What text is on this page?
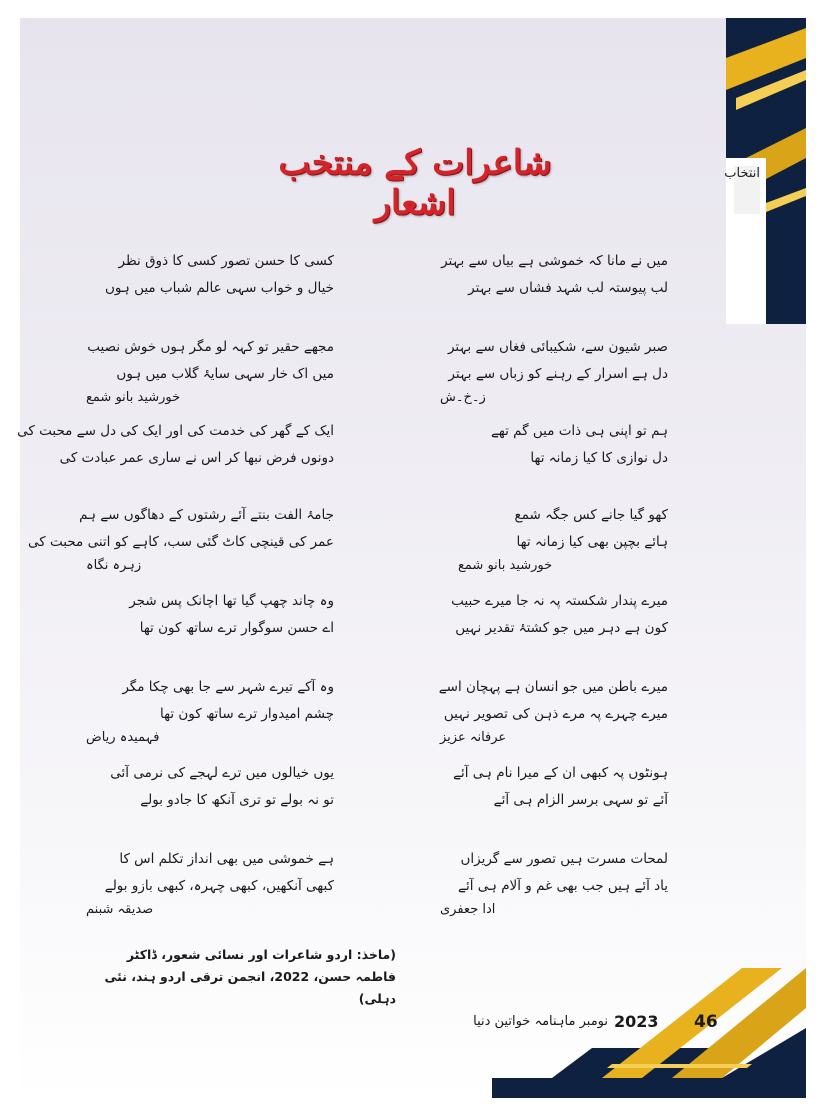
انتخاب
شاعرات کے منتخب اشعار
میں نے مانا کہ خموشی ہے بیاں سے بہتر
لب پیوستہ لب شہد فشاں سے بہتر
صبر شیون سے، شکیبائی فغاں سے بہتر
دل ہے اسرار کے رہنے کو زباں سے بہتر
ز۔خ۔ش
ہم تو اپنی ہی ذات میں گم تھے
دل نوازی کا کیا زمانہ تھا
کھو گیا جانے کس جگہ شمع
ہائے بچپن بھی کیا زمانہ تھا
خورشید بانو شمع
میرے پندار شکستہ پہ نہ جا میرے حبیب
کون ہے دہر میں جو کشتۂ تقدیر نہیں
میرے باطن میں جو انسان ہے پہچان اسے
میرے چہرے پہ مرے ذہن کی تصویر نہیں
عرفانہ عزیز
ہونٹوں پہ کبھی ان کے میرا نام ہی آئے
آئے تو سہی برسر الزام ہی آئے
لمحات مسرت ہیں تصور سے گریزاں
یاد آئے ہیں جب بھی غم و آلام ہی آئے
ادا جعفری
کسی کا حسن تصور کسی کا ذوق نظر
خیال و خواب سہی عالم شباب میں ہوں
مجھے حقیر تو کہہ لو مگر ہوں خوش نصیب
میں اک خار سہی سایۂ گلاب میں ہوں
خورشید بانو شمع
ایک کے گھر کی خدمت کی اور ایک کی دل سے محبت کی
دونوں فرض نبھا کر اس نے ساری عمر عبادت کی
جامۂ الفت بنتے آئے رشتوں کے دھاگوں سے ہم
عمر کی قینچی کاٹ گئی سب، کاہے کو اتنی محبت کی
زہرہ نگاہ
وہ چاند چھپ گیا تھا اچانک پس شجر
اے حسن سوگوار ترے ساتھ کون تھا
وہ آکے تیرے شہر سے جا بھی چکا مگر
چشم امیدوار ترے ساتھ کون تھا
فہمیدہ ریاض
یوں خیالوں میں ترے لہجے کی نرمی آئی
تو نہ بولے تو تری آنکھ کا جادو بولے
ہے خموشی میں بھی انداز تکلم اس کا
کبھی آنکھیں، کبھی چہرہ، کبھی بازو بولے
صدیقہ شبنم
(ماخذ: اردو شاعرات اور نسائی شعور، ڈاکٹر فاطمہ حسن، 2022، انجمن ترقی اردو ہند، نئی دہلی)
46
2023
نومبر ماہنامہ خواتین دنیا
